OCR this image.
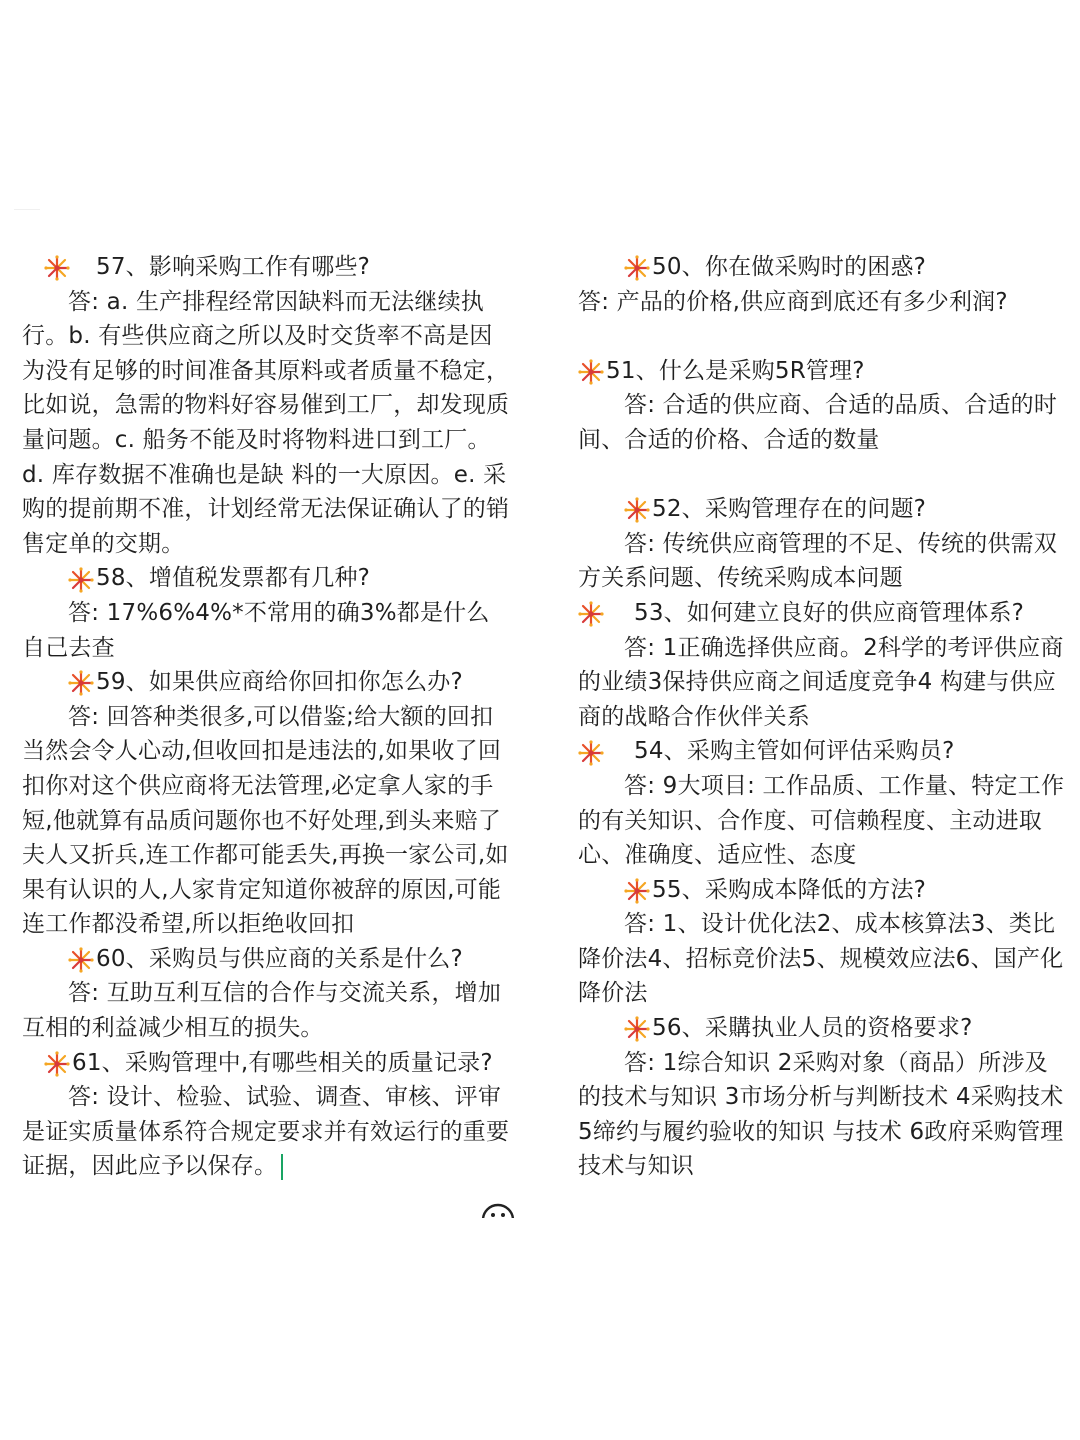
57、影响采购工作有哪些?
答: a. 生产排程经常因缺料而无法继续执行。b. 有些供应商之所以及时交货率不高是因为没有足够的时间准备其原料或者质量不稳定，比如说，急需的物料好容易催到工厂，却发现质量问题。c. 船务不能及时将物料进口到工厂。d. 库存数据不准确也是缺 料的一大原因。e. 采购的提前期不准，计划经常无法保证确认了的销售定单的交期。
58、增值税发票都有几种?
答: 17%6%4%*不常用的确3%都是什么自己去查
59、如果供应商给你回扣你怎么办?
答: 回答种类很多,可以借鉴;给大额的回扣当然会令人心动,但收回扣是违法的,如果收了回扣你对这个供应商将无法管理,必定拿人家的手短,他就算有品质问题你也不好处理,到头来赔了夫人又折兵,连工作都可能丢失,再换一家公司,如果有认识的人,人家肯定知道你被辞的原因,可能连工作都没希望,所以拒绝收回扣
60、采购员与供应商的关系是什么?
答: 互助互利互信的合作与交流关系，增加互相的利益减少相互的损失。
61、采购管理中,有哪些相关的质量记录?
答: 设计、检验、试验、调查、审核、评审是证实质量体系符合规定要求并有效运行的重要证据，因此应予以保存。
50、你在做采购时的困惑?
答: 产品的价格,供应商到底还有多少利润?
51、什么是采购5R管理?
答: 合适的供应商、合适的品质、合适的时间、合适的价格、合适的数量
52、采购管理存在的问题?
答: 传统供应商管理的不足、传统的供需双方关系问题、传统采购成本问题
53、如何建立良好的供应商管理体系?
答: 1正确选择供应商。2科学的考评供应商的业绩3保持供应商之间适度竞争4 构建与供应商的战略合作伙伴关系
54、采购主管如何评估采购员?
答: 9大项目: 工作品质、工作量、特定工作的有关知识、合作度、可信赖程度、主动进取心、准确度、适应性、态度
55、采购成本降低的方法?
答: 1、设计优化法2、成本核算法3、类比降价法4、招标竞价法5、规模效应法6、国产化降价法
56、采購执业人员的资格要求?
答: 1综合知识 2采购对象（商品）所涉及的技术与知识 3市场分析与判断技术 4采购技术 5缔约与履约验收的知识 与技术 6政府采购管理技术与知识
